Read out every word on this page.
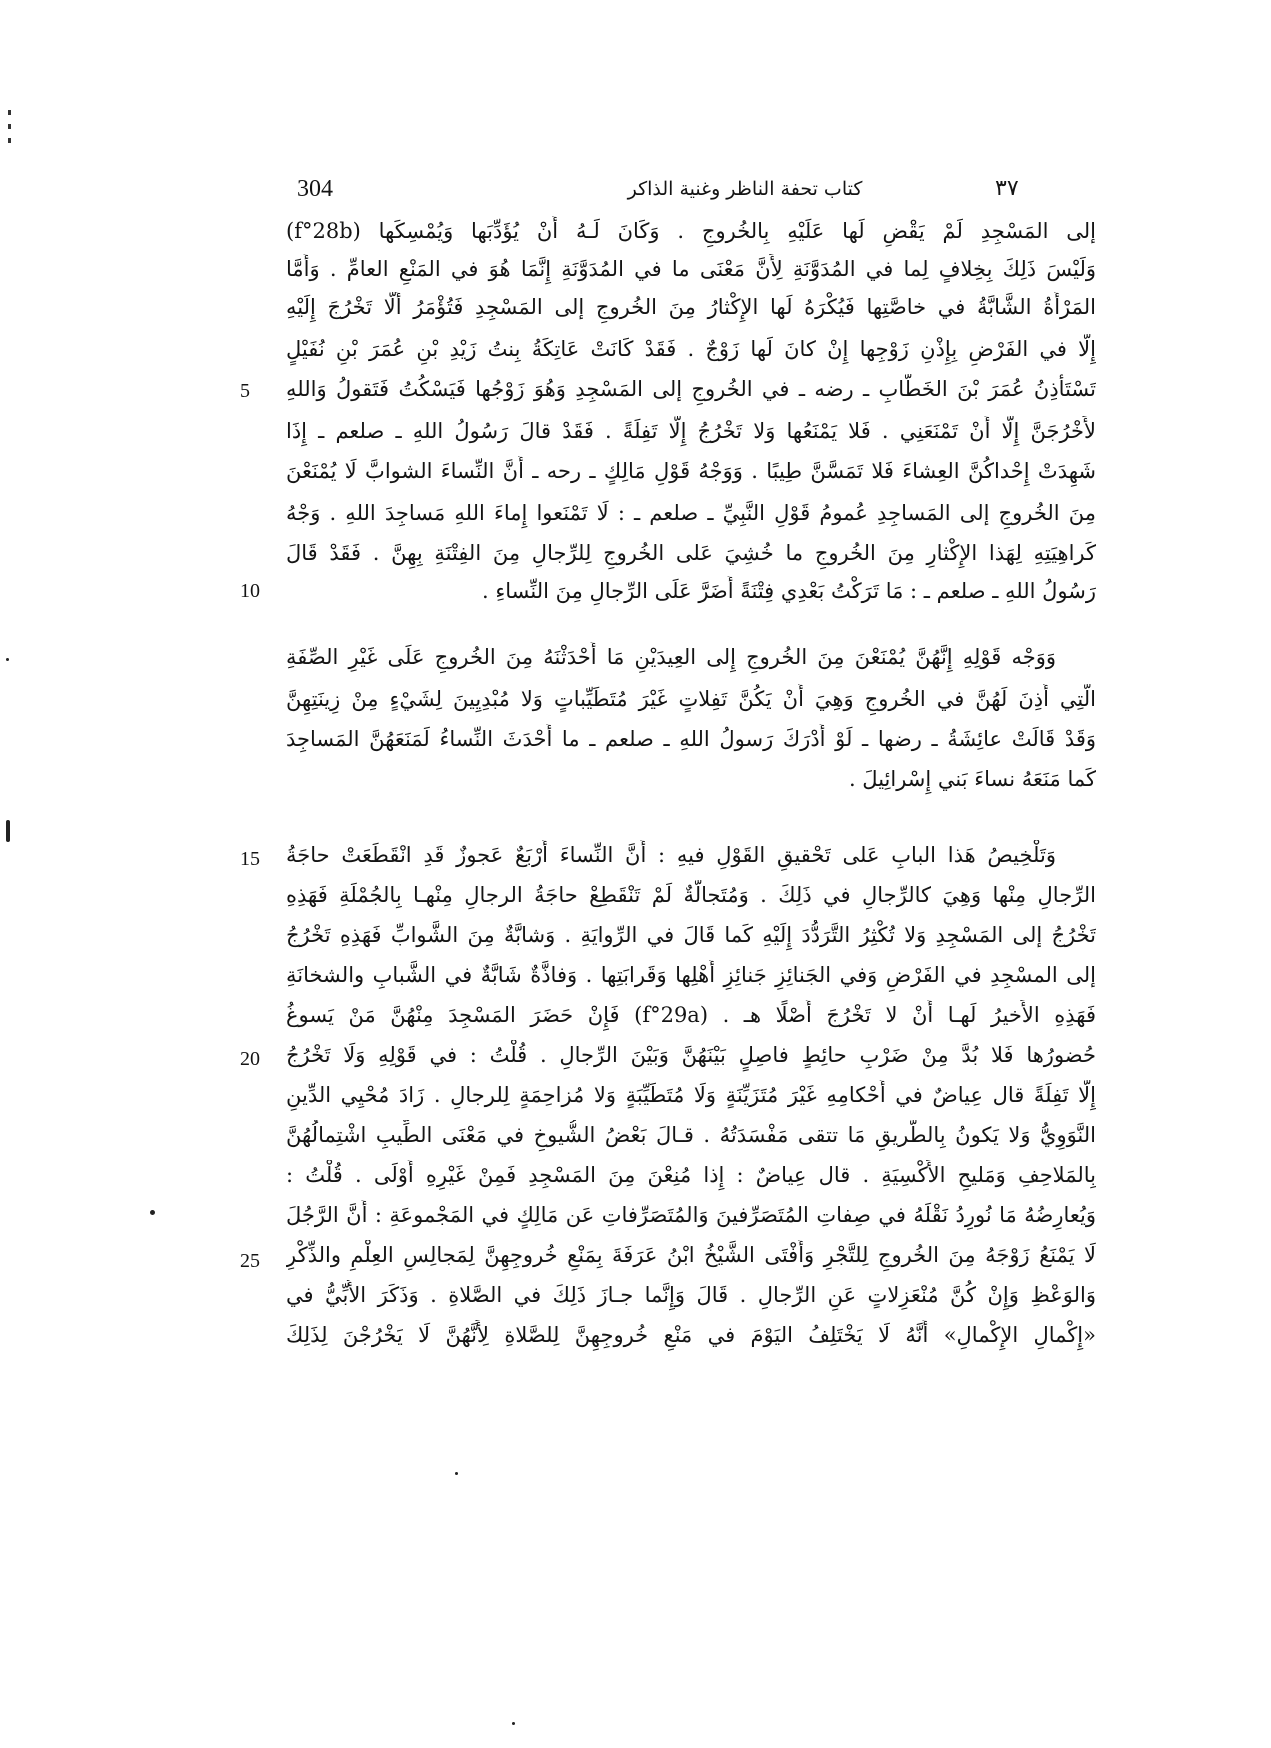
304	كتاب تحفة الناظر وغنية الذاكر	٣٧
إلى المَسْجِدِ لَمْ يَقْضِ لَها عَلَيْهِ بِالخُروجِ . وَكَانَ لَـهُ أَنْ يُؤَدِّبَها وَيُمْسِكَها (f°28b)
وَلَيْسَ ذَلِكَ بِخِلافٍ لِما في المُدَوَّنَةِ لِأَنَّ مَعْنَى ما في المُدَوَّنَةِ إِنَّمَا هُوَ في المَنْعِ العامِّ . وَأَمَّا
المَرْأَةُ الشَّابَّةُ في خاصَّتِها فَيُكْرَهُ لَها الإِكْثارُ مِنَ الخُروجِ إلى المَسْجِدِ فَتُؤْمَرُ أَلَّا تَخْرُجَ إِلَيْهِ
إِلَّا في الفَرْضِ بِإِذْنِ زَوْجِها إِنْ كانَ لَها زَوْجٌ . فَقَدْ كَانَتْ عَاتِكَةُ بِنتُ زَيْدِ بْنِ عُمَرَ بْنِ نُفَيْلٍ
تَسْتَأْذِنُ عُمَرَ بْنَ الخَطَّابِ ـ رضه ـ في الخُروجِ إلى المَسْجِدِ وَهُوَ زَوْجُها فَيَسْكُتُ فَتَقولُ وَاللهِ
لأَخْرُجَنَّ إِلَّا أَنْ تَمْنَعَنِي . فَلا يَمْنَعُها وَلا تَخْرُجُ إِلَّا تَفِلَةً . فَقَدْ قالَ رَسُولُ اللهِ ـ صلعم ـ إِذَا
شَهِدَتْ إِحْداكُنَّ العِشاءَ فَلا تَمَسَّنَّ طِيبًا . وَوَجْهُ قَوْلِ مَالِكٍ ـ رحه ـ أَنَّ النِّساءَ الشوابَّ لَا يُمْنَعْنَ
مِنَ الخُروجِ إلى المَساجِدِ عُمومُ قَوْلِ النَّبِيِّ ـ صلعم ـ : لَا تَمْنَعوا إِماءَ اللهِ مَساجِدَ اللهِ . وَجْهُ
كَراهِيَتِهِ لِهَذا الإِكْثارِ مِنَ الخُروجِ ما خُشِيَ عَلى الخُروجِ لِلرِّجالِ مِنَ الفِتْنَةِ بِهِنَّ . فَقَدْ قَالَ
رَسُولُ اللهِ ـ صلعم ـ : مَا تَرَكْتُ بَعْدِي فِتْنَةً أَضَرَّ عَلَى الرِّجالِ مِنَ النِّساءِ .
وَوَجْه قَوْلِهِ إِنَّهُنَّ يُمْنَعْنَ مِنَ الخُروجِ إِلى العِيدَيْنِ مَا أَحْدَثْنَهُ مِنَ الخُروجِ عَلَى غَيْرِ الصِّفَةِ
الَّتِي أُذِنَ لَهُنَّ في الخُروجِ وَهِيَ أَنْ يَكُنَّ تَفِلاتٍ غَيْرَ مُتَطَيِّباتٍ وَلا مُبْدِيِينَ لِشَيْءٍ مِنْ زِينَتِهِنَّ
وَقَدْ قَالَتْ عائِشَةُ ـ رضها ـ لَوْ أَدْرَكَ رَسولُ اللهِ ـ صلعم ـ ما أَحْدَثَ النِّساءُ لَمَنَعَهُنَّ المَساجِدَ
كَما مَنَعَهُ نساءَ بَني إِسْرائِيلَ .
وَتَلْخِيصُ هَذا البابِ عَلى تَحْقيقِ القَوْلِ فيهِ : أَنَّ النِّساءَ أَرْبَعٌ عَجوزٌ قَدِ انْقَطَعَتْ حاجَةُ
الرِّجالِ مِنْها وَهِيَ كالرِّجالِ في ذَلِكَ . وَمُتَجالَّةٌ لَمْ تَنْقَطِعْ حاجَةُ الرجالِ مِنْهـا بِالجُمْلَةِ فَهَذِهِ
تَخْرُجُ إلى المَسْجِدِ وَلا تُكْثِرُ التَّرَدُّدَ إِلَيْهِ كَما قَالَ في الرِّوايَةِ . وَشابَّةٌ مِنَ الشَّوابِّ فَهَذِهِ تَخْرُجُ
إلى المسْجِدِ في الفَرْضِ وَفي الجَنائِزِ جَنائِزِ أَهْلِها وَقَرابَتِها . وَفاذَّةٌ شَابَّةٌ في الشَّبابِ والشخانَةِ
فَهَذِهِ الأَخيرُ لَهـا أَنْ لا تَخْرُجَ أَصْلًا هـ . (f°29a) فَإِنْ حَضَرَ المَسْجِدَ مِنْهُنَّ مَنْ يَسوغُ
حُضورُها فَلا بُدَّ مِنْ ضَرْبِ حائِطٍ فاصِلٍ بَيْنَهُنَّ وَبَيْنَ الرِّجالِ . قُلْتُ : في قَوْلِهِ وَلَا تَخْرُجُ
إِلَّا تَفِلَةً قال عِياضٌ في أَحْكامِهِ غَيْرَ مُتَزَيِّنَةٍ وَلَا مُتَطَيِّبَةٍ وَلا مُزاحِمَةٍ لِلرجالِ . زَادَ مُحْيِي الدِّينِ
النَّوَوِيُّ وَلا يَكونُ بِالطَّريقِ مَا تتقى مَفْسَدَتُهُ . قـالَ بَعْضُ الشُّيوخِ في مَعْنَى الطِّيبِ اشْتِمالُهُنَّ
بِالمَلاحِفِ وَمَليحِ الأَكْسِيَةِ . قال عِياضٌ : إِذا مُنِعْنَ مِنَ المَسْجِدِ فَمِنْ غَيْرِهِ أَوْلَى . قُلْتُ :
وَيُعارِضُهُ مَا نُورِدُ نَقْلَهُ في صِفاتِ المُتَصَرِّفينَ وَالمُتَصَرِّفاتِ عَن مَالِكٍ في المَجْموعَةِ : أَنَّ الرَّجُلَ
لَا يَمْنَعُ زَوْجَهُ مِنَ الخُروجِ لِلتَّجْرِ وَأَفْتَى الشَّيْخُ ابْنُ عَرَفَةَ بِمَنْعِ خُروجِهِنَّ لِمَجالِسِ العِلْمِ والذِّكْرِ
وَالوَعْظِ وَإِنْ كُنَّ مُنْعَزِلاتٍ عَنِ الرِّجالِ . قَالَ وَإِنَّما جـازَ ذَلِكَ في الصَّلاةِ . وَذَكَرَ الأُبِّيُّ في
«إِكْمالِ الإِكْمالِ» أَنَّهُ لَا يَخْتَلِفُ اليَوْمَ في مَنْعِ خُروجِهِنَّ لِلصَّلاةِ لِأَنَّهُنَّ لَا يَخْرُجْنَ لِذَلِكَ
5
10
15
20
25
